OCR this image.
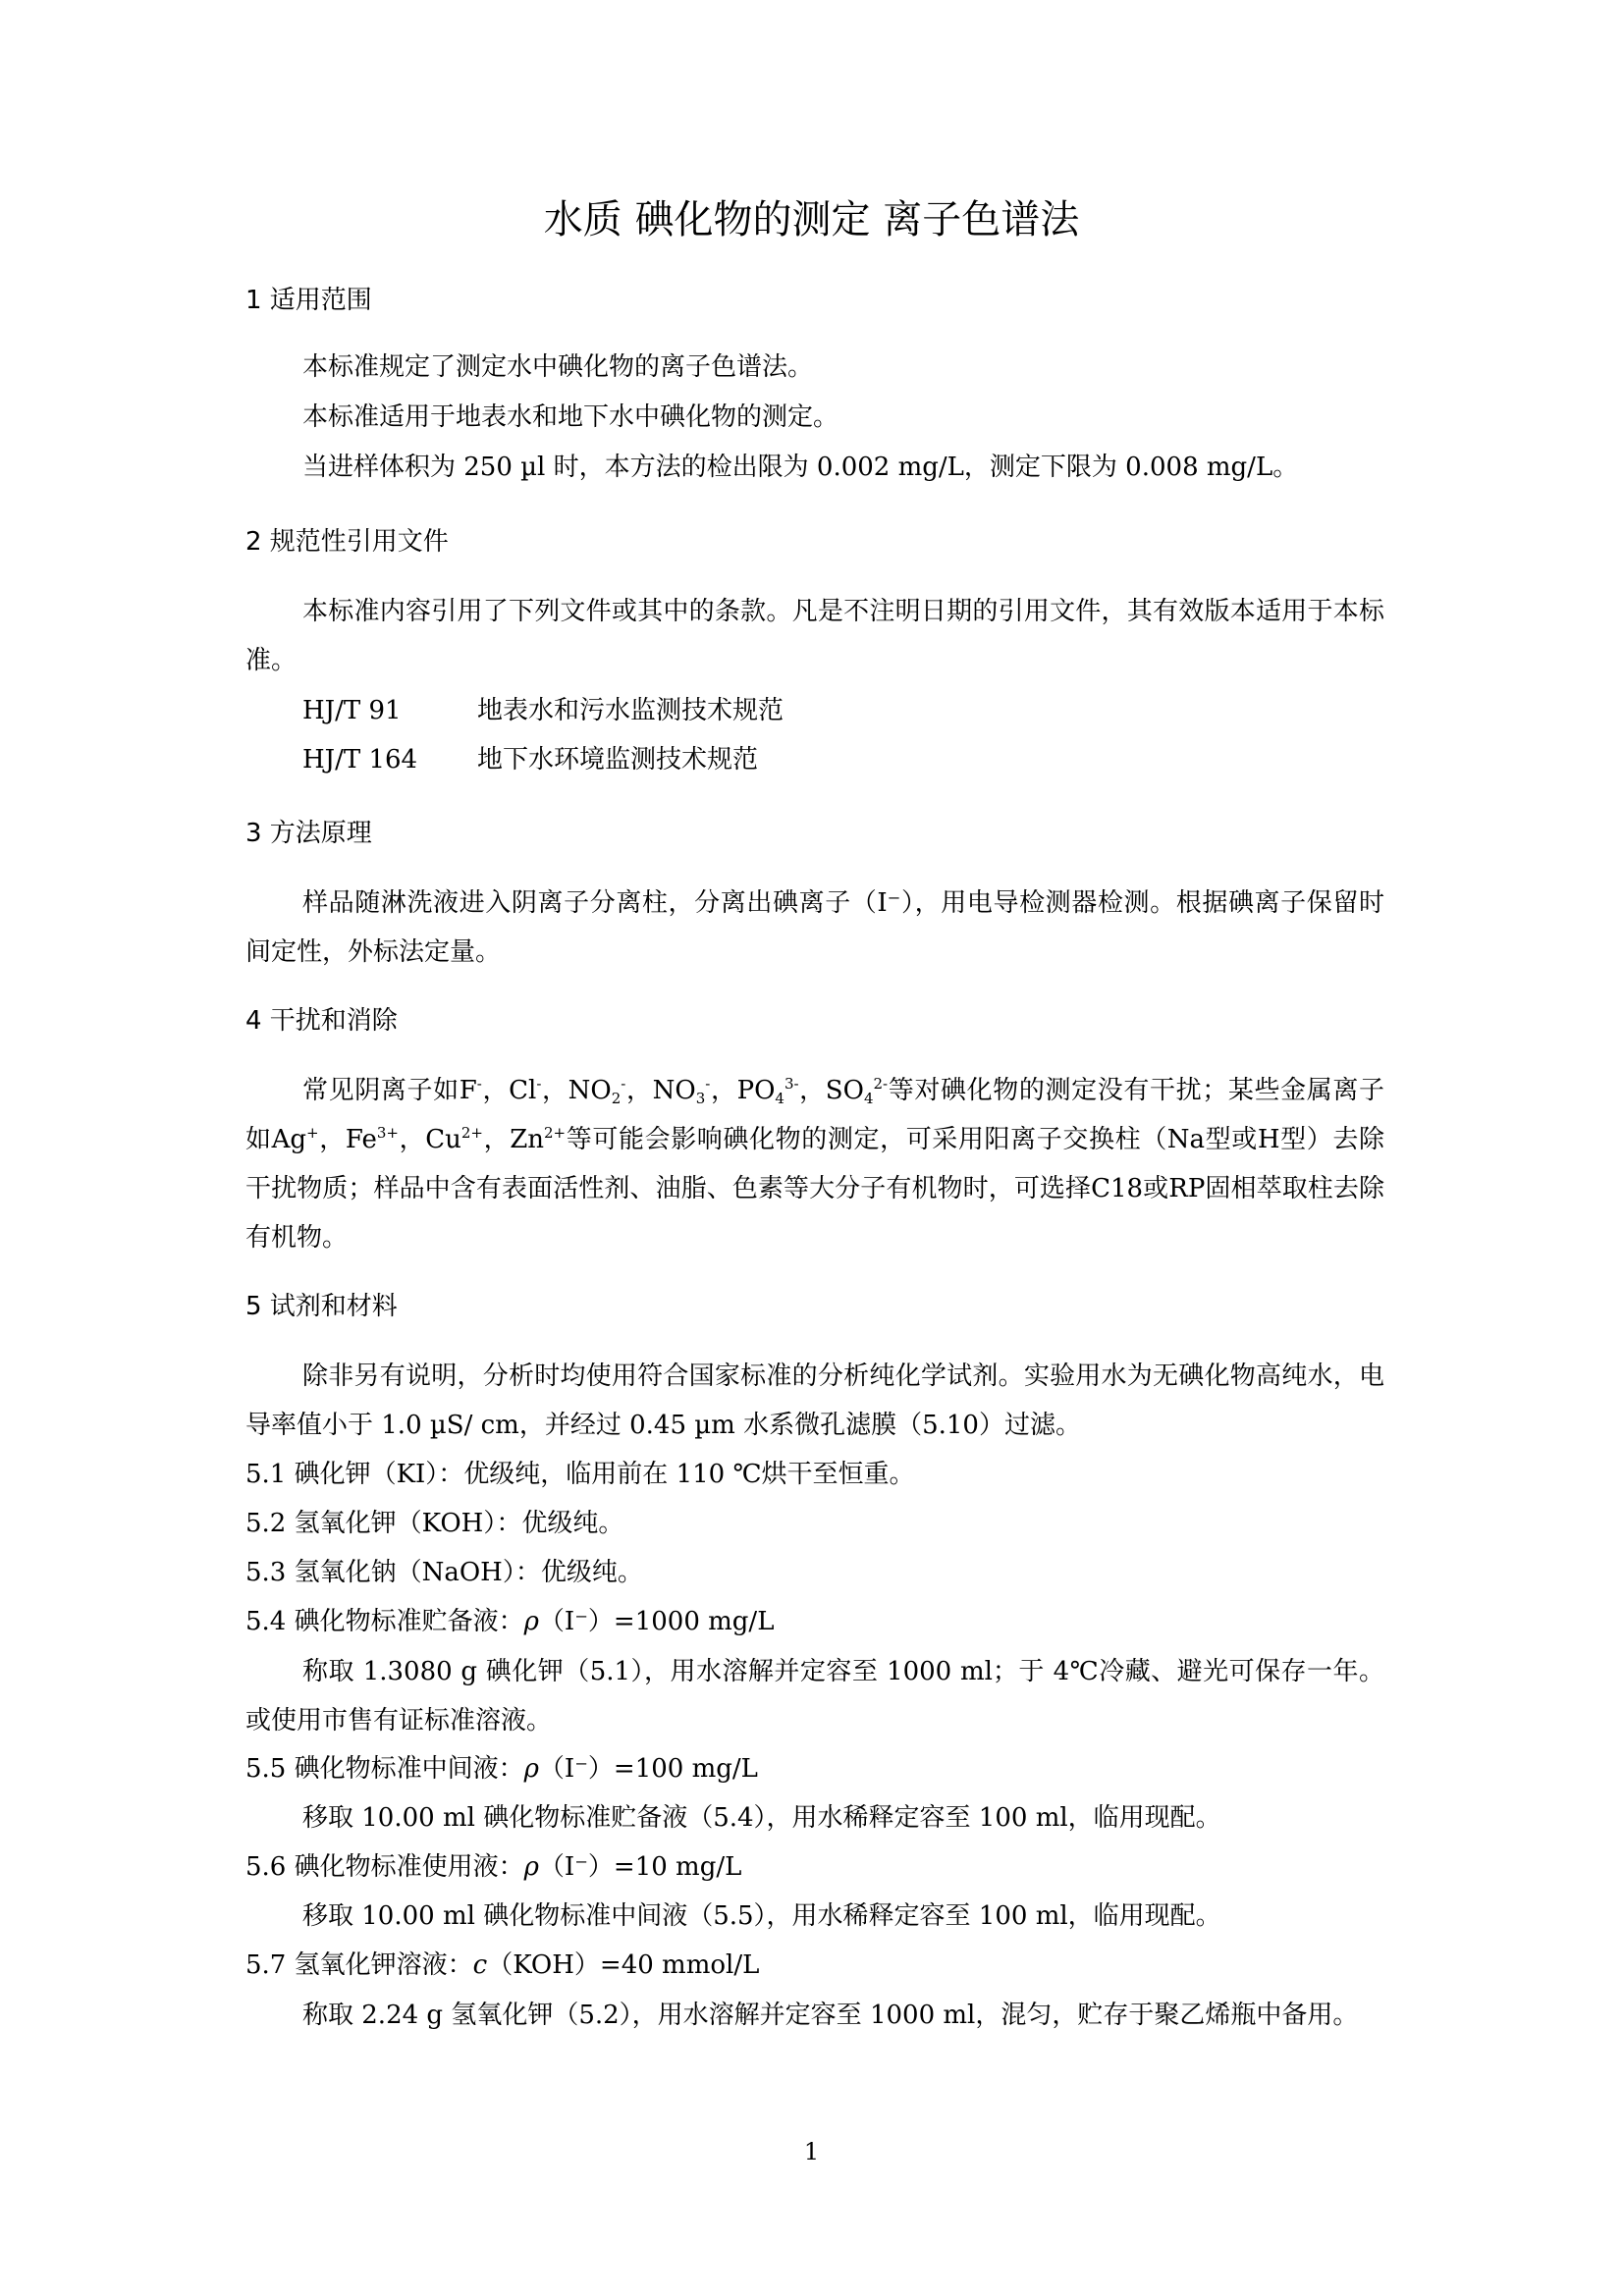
水质 碘化物的测定 离子色谱法
1 适用范围
本标准规定了测定水中碘化物的离子色谱法。
本标准适用于地表水和地下水中碘化物的测定。
当进样体积为 250 µl 时，本方法的检出限为 0.002 mg/L，测定下限为 0.008 mg/L。
2 规范性引用文件
本标准内容引用了下列文件或其中的条款。凡是不注明日期的引用文件，其有效版本适用于本标准。
HJ/T 91	地表水和污水监测技术规范
HJ/T 164 地下水环境监测技术规范
3 方法原理
样品随淋洗液进入阴离子分离柱，分离出碘离子（I⁻），用电导检测器检测。根据碘离子保留时间定性，外标法定量。
4 干扰和消除
常见阴离子如F-，Cl-，$NO_2^-$，$NO_3^-$，$PO_4^{3-}$，$SO_4^{2-}$等对碘化物的测定没有干扰；某些金属离子如Ag+，$Fe^{3+}$，$Cu^{2+}$，$Zn^{2+}$等可能会影响碘化物的测定，可采用阳离子交换柱（Na型或H型）去除干扰物质；样品中含有表面活性剂、油脂、色素等大分子有机物时，可选择C18或RP固相萃取柱去除有机物。
5 试剂和材料
除非另有说明，分析时均使用符合国家标准的分析纯化学试剂。实验用水为无碘化物高纯水，电导率值小于 1.0 µS/ cm，并经过 0.45 µm 水系微孔滤膜（5.10）过滤。
5.1 碘化钾（KI）：优级纯，临用前在 110 ℃烘干至恒重。
5.2 氢氧化钾（KOH）：优级纯。
5.3 氢氧化钠（NaOH）：优级纯。
5.4 碘化物标准贮备液：ρ（I⁻）=1000 mg/L
称取 1.3080 g 碘化钾（5.1），用水溶解并定容至 1000 ml；于 4℃冷藏、避光可保存一年。或使用市售有证标准溶液。
5.5 碘化物标准中间液：ρ（I⁻）=100 mg/L
移取 10.00 ml 碘化物标准贮备液（5.4），用水稀释定容至 100 ml，临用现配。
5.6 碘化物标准使用液：ρ（I⁻）=10 mg/L
移取 10.00 ml 碘化物标准中间液（5.5），用水稀释定容至 100 ml，临用现配。
5.7 氢氧化钾溶液：c（KOH）=40 mmol/L
称取 2.24 g 氢氧化钾（5.2），用水溶解并定容至 1000 ml，混匀，贮存于聚乙烯瓶中备用。
1
